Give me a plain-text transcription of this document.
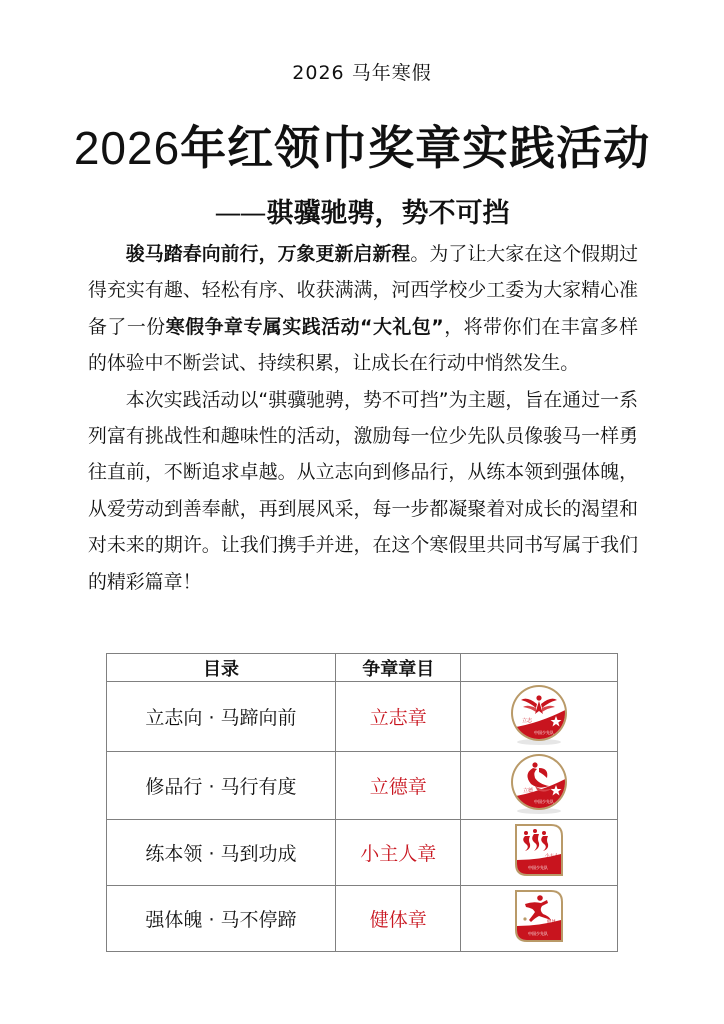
2026 马年寒假
2026年红领巾奖章实践活动
——骐骥驰骋，势不可挡

骏马踏春向前行，万象更新启新程。为了让大家在这个假期过得充实有趣、轻松有序、收获满满，河西学校少工委为大家精心准备了一份寒假争章专属实践活动“大礼包”，将带你们在丰富多样的体验中不断尝试、持续积累，让成长在行动中悄然发生。

本次实践活动以“骐骥驰骋，势不可挡”为主题，旨在通过一系列富有挑战性和趣味性的活动，激励每一位少先队员像骏马一样勇往直前，不断追求卓越。从立志向到修品行，从练本领到强体魄，从爱劳动到善奉献，再到展风采，每一步都凝聚着对成长的渴望和对未来的期许。让我们携手并进，在这个寒假里共同书写属于我们的精彩篇章！

目录	争章章目	
立志向 · 马蹄向前	立志章	立志
中国少先队

修品行 · 马行有度	立德章	立德
中国少先队

练本领 · 马到功成	小主人章	小主人
中国少先队

强体魄 · 马不停蹄	健体章	健体
中国少先队
